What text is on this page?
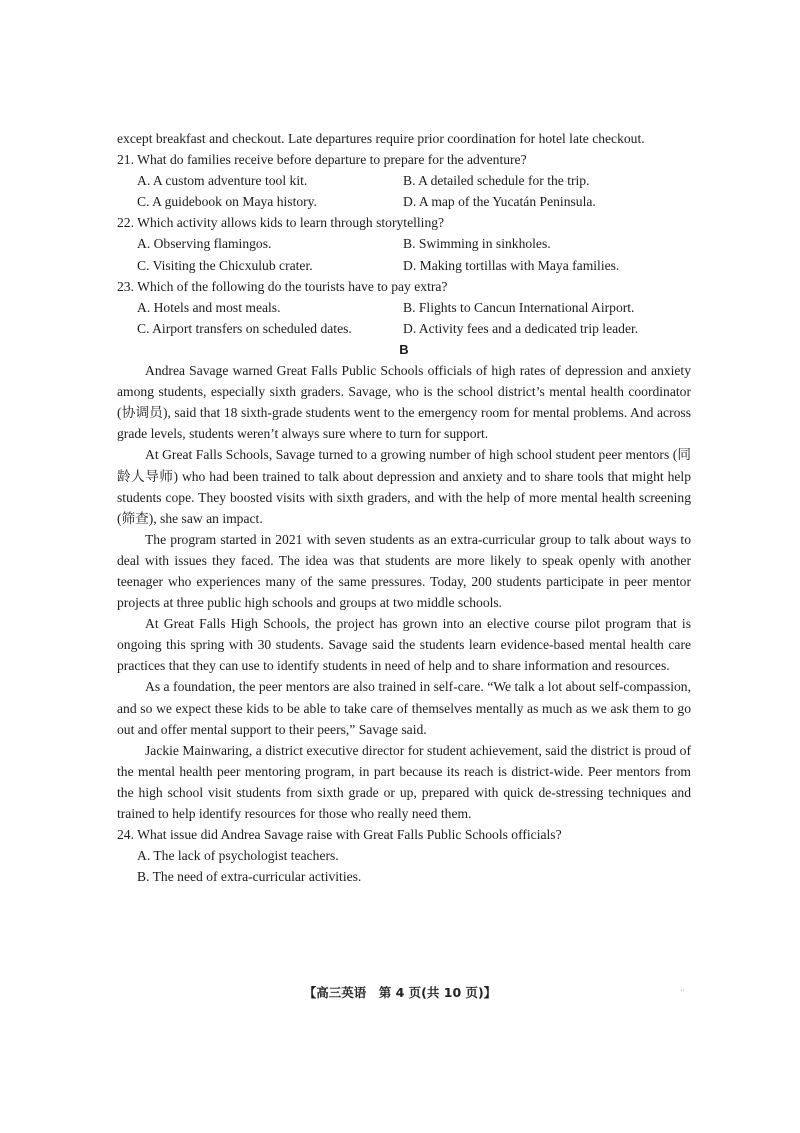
except breakfast and checkout. Late departures require prior coordination for hotel late checkout.
21. What do families receive before departure to prepare for the adventure?
A. A custom adventure tool kit.	B. A detailed schedule for the trip.
C. A guidebook on Maya history.	D. A map of the Yucatán Peninsula.
22. Which activity allows kids to learn through storytelling?
A. Observing flamingos.	B. Swimming in sinkholes.
C. Visiting the Chicxulub crater.	D. Making tortillas with Maya families.
23. Which of the following do the tourists have to pay extra?
A. Hotels and most meals.	B. Flights to Cancun International Airport.
C. Airport transfers on scheduled dates.	D. Activity fees and a dedicated trip leader.
B

Andrea Savage warned Great Falls Public Schools officials of high rates of depression and anxiety among students, especially sixth graders. Savage, who is the school district’s mental health coordinator (协调员), said that 18 sixth-grade students went to the emergency room for mental problems. And across grade levels, students weren’t always sure where to turn for support.

At Great Falls Schools, Savage turned to a growing number of high school student peer mentors (同龄人导师) who had been trained to talk about depression and anxiety and to share tools that might help students cope. They boosted visits with sixth graders, and with the help of more mental health screening (筛查), she saw an impact.

The program started in 2021 with seven students as an extra-curricular group to talk about ways to deal with issues they faced. The idea was that students are more likely to speak openly with another teenager who experiences many of the same pressures. Today, 200 students participate in peer mentor projects at three public high schools and groups at two middle schools.

At Great Falls High Schools, the project has grown into an elective course pilot program that is ongoing this spring with 30 students. Savage said the students learn evidence-based mental health care practices that they can use to identify students in need of help and to share information and resources.

As a foundation, the peer mentors are also trained in self-care. “We talk a lot about self-compassion, and so we expect these kids to be able to take care of themselves mentally as much as we ask them to go out and offer mental support to their peers,” Savage said.

Jackie Mainwaring, a district executive director for student achievement, said the district is proud of the mental health peer mentoring program, in part because its reach is district-wide. Peer mentors from the high school visit students from sixth grade or up, prepared with quick de-stressing techniques and trained to help identify resources for those who really need them.

24. What issue did Andrea Savage raise with Great Falls Public Schools officials?
A. The lack of psychologist teachers.
B. The need of extra-curricular activities.
【高三英语　第 4 页(共 10 页)】	··
